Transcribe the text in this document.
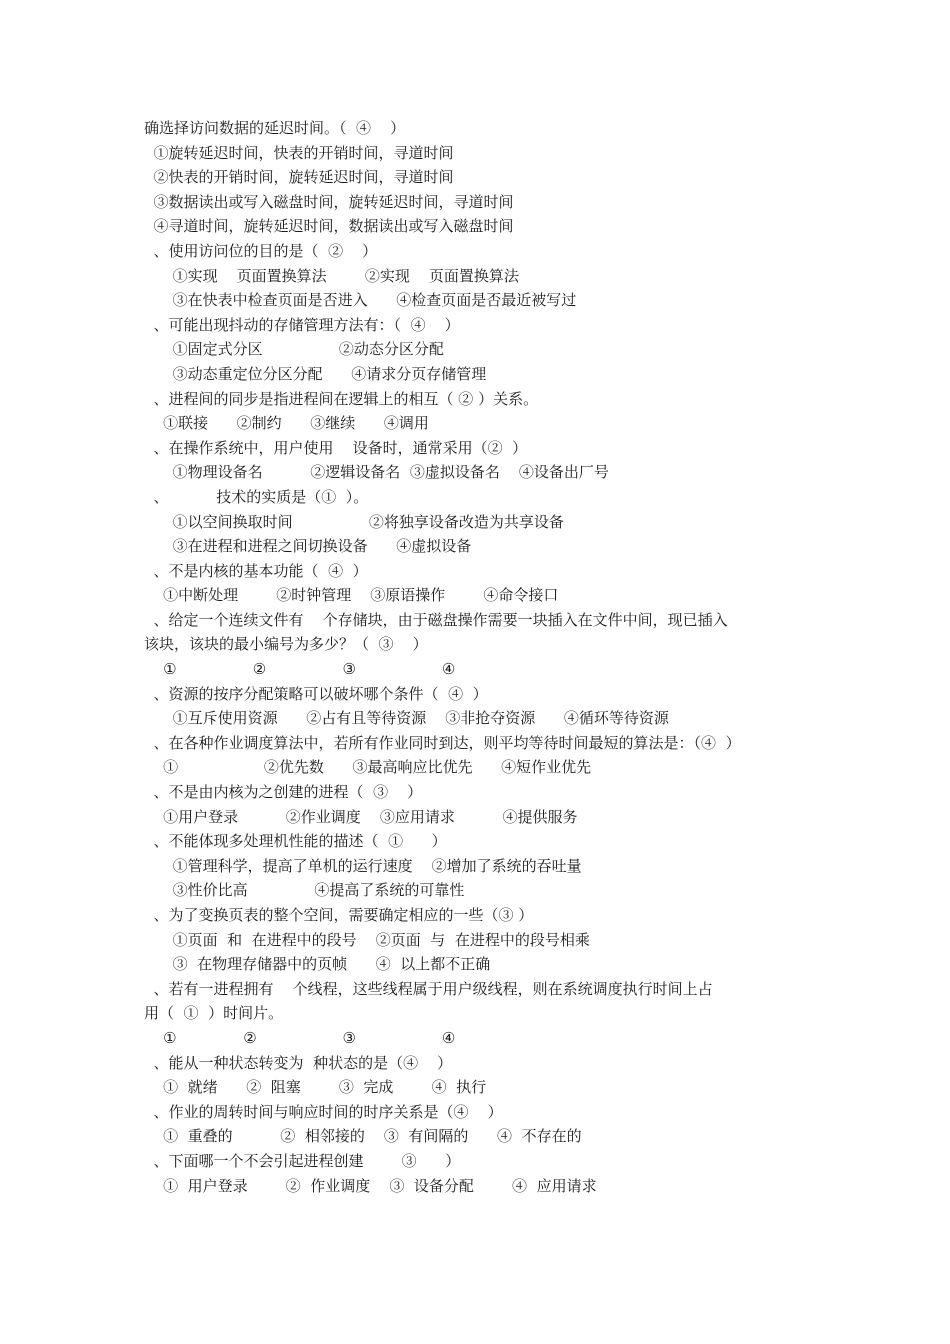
确选择访问数据的延迟时间。（  ④    ）
①旋转延迟时间，快表的开销时间，寻道时间
②快表的开销时间，旋转延迟时间，寻道时间
③数据读出或写入磁盘时间，旋转延迟时间，寻道时间
④寻道时间，旋转延迟时间，数据读出或写入磁盘时间
、使用访问位的目的是（  ②    ）
①实现    页面置换算法        ②实现    页面置换算法
③在快表中检查页面是否进入      ④检查页面是否最近被写过
、可能出现抖动的存储管理方法有：（  ④    ）
①固定式分区                ②动态分区分配
③动态重定位分区分配      ④请求分页存储管理
、进程间的同步是指进程间在逻辑上的相互（ ② ）关系。
①联接      ②制约      ③继续      ④调用
、在操作系统中，用户使用    设备时，通常采用（②  ）
①物理设备名          ②逻辑设备名  ③虚拟设备名    ④设备出厂号
、          技术的实质是（①  ）。
①以空间换取时间                ②将独享设备改造为共享设备
③在进程和进程之间切换设备      ④虚拟设备
、不是内核的基本功能（  ④  ）
①中断处理        ②时钟管理    ③原语操作        ④命令接口
、给定一个连续文件有    个存储块，由于磁盘操作需要一块插入在文件中间，现已插入
该块，该块的最小编号为多少？（  ③    ）
①                ②                ③                  ④
、资源的按序分配策略可以破坏哪个条件（  ④  ）
①互斥使用资源      ②占有且等待资源    ③非抢夺资源      ④循环等待资源
、在各种作业调度算法中，若所有作业同时到达，则平均等待时间最短的算法是：（④  ）
①                  ②优先数      ③最高响应比优先      ④短作业优先
、不是由内核为之创建的进程（  ③    ）
①用户登录          ②作业调度    ③应用请求          ④提供服务
、不能体现多处理机性能的描述（  ①      ）
①管理科学，提高了单机的运行速度    ②增加了系统的吞吐量
③性价比高              ④提高了系统的可靠性
、为了变换页表的整个空间，需要确定相应的一些（③ ）
①页面  和  在进程中的段号    ②页面  与  在进程中的段号相乘
③  在物理存储器中的页帧      ④  以上都不正确
、若有一进程拥有    个线程，这些线程属于用户级线程，则在系统调度执行时间上占
用（  ①  ）时间片。
①              ②                  ③                  ④
、能从一种状态转变为  种状态的是（④    ）
①  就绪      ②  阻塞        ③  完成        ④  执行
、作业的周转时间与响应时间的时序关系是（④    ）
①  重叠的          ②  相邻接的    ③  有间隔的      ④  不存在的
、下面哪一个不会引起进程创建        ③      ）
①  用户登录        ②  作业调度    ③  设备分配        ④  应用请求
